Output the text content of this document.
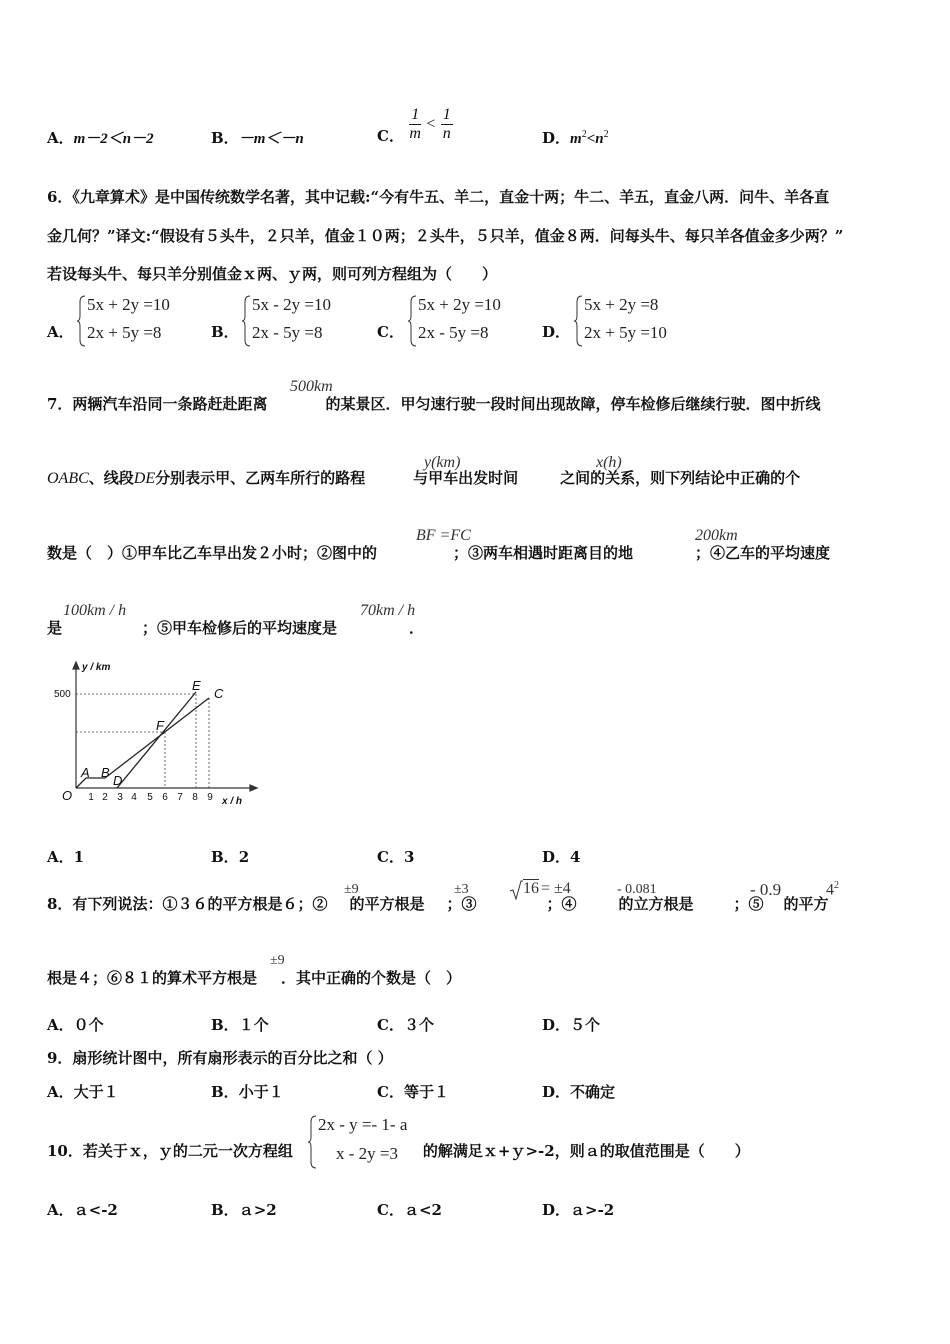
A．m－2＜n－2	B．－m＜－n	C． $\frac{1}{m} < \frac{1}{n}$	D．$m^2<n^2$
6．《九章算术》是中国传统数学名著，其中记载:“今有牛五、羊二，直金十两；牛二、羊五，直金八两．问牛、羊各直
金几何？”译文:“假设有５头牛，２只羊，值金１０两；２头牛，５只羊，值金８两．问每头牛、每只羊各值金多少两？”
若设每头牛、每只羊分别值金ｘ两、ｙ两，则可列方程组为（　　）
A．
5x + 2y =10
2x + 5y =8	B．
5x - 2y =10
2x - 5y =8	C．
5x + 2y =10
2x - 5y =8	D．
5x + 2y =8
2x + 5y =10
7．两辆汽车沿同一条路赶赴距离	的某景区．甲匀速行驶一段时间出现故障，停车检修后继续行驶．图中折线
500km
OABC、线段DE分别表示甲、乙两车所行的路程	与甲车出发时间	之间的关系，则下列结论中正确的个
y(km)	x(h)
数是（　）①甲车比乙车早出发２小时；②图中的	；③两车相遇时距离目的地	；④乙车的平均速度
BF =FC	200km
是	；⑤甲车检修后的平均速度是	．
100km / h	70km / h
y / km
x / h
500
O
A B
D
F
E
C
1 2 3 4 5 6 7 8 9
A．1	B．2	C．3	D．4
8．有下列说法：①３６的平方根是６；② 的平方根是 ；③	；④	的立方根是	；⑤ 的平方
±9	±3	16 = ±4	- 0.081	- 0.9	$4^2$
根是４；⑥８１的算术平方根是 ．其中正确的个数是（　）
±9
A．０个	B．１个	C．３个	D．５个
9．扇形统计图中，所有扇形表示的百分比之和（ ）
A．大于１	B．小于１	C．等于１	D．不确定
10．若关于ｘ，ｙ的二元一次方程组	的解满足ｘ+ｙ>-2，则ａ的取值范围是（　　）
2x - y =- 1- a
x - 2y =3
A．ａ<-2	B．ａ>2	C．ａ<2	D．ａ>-2
